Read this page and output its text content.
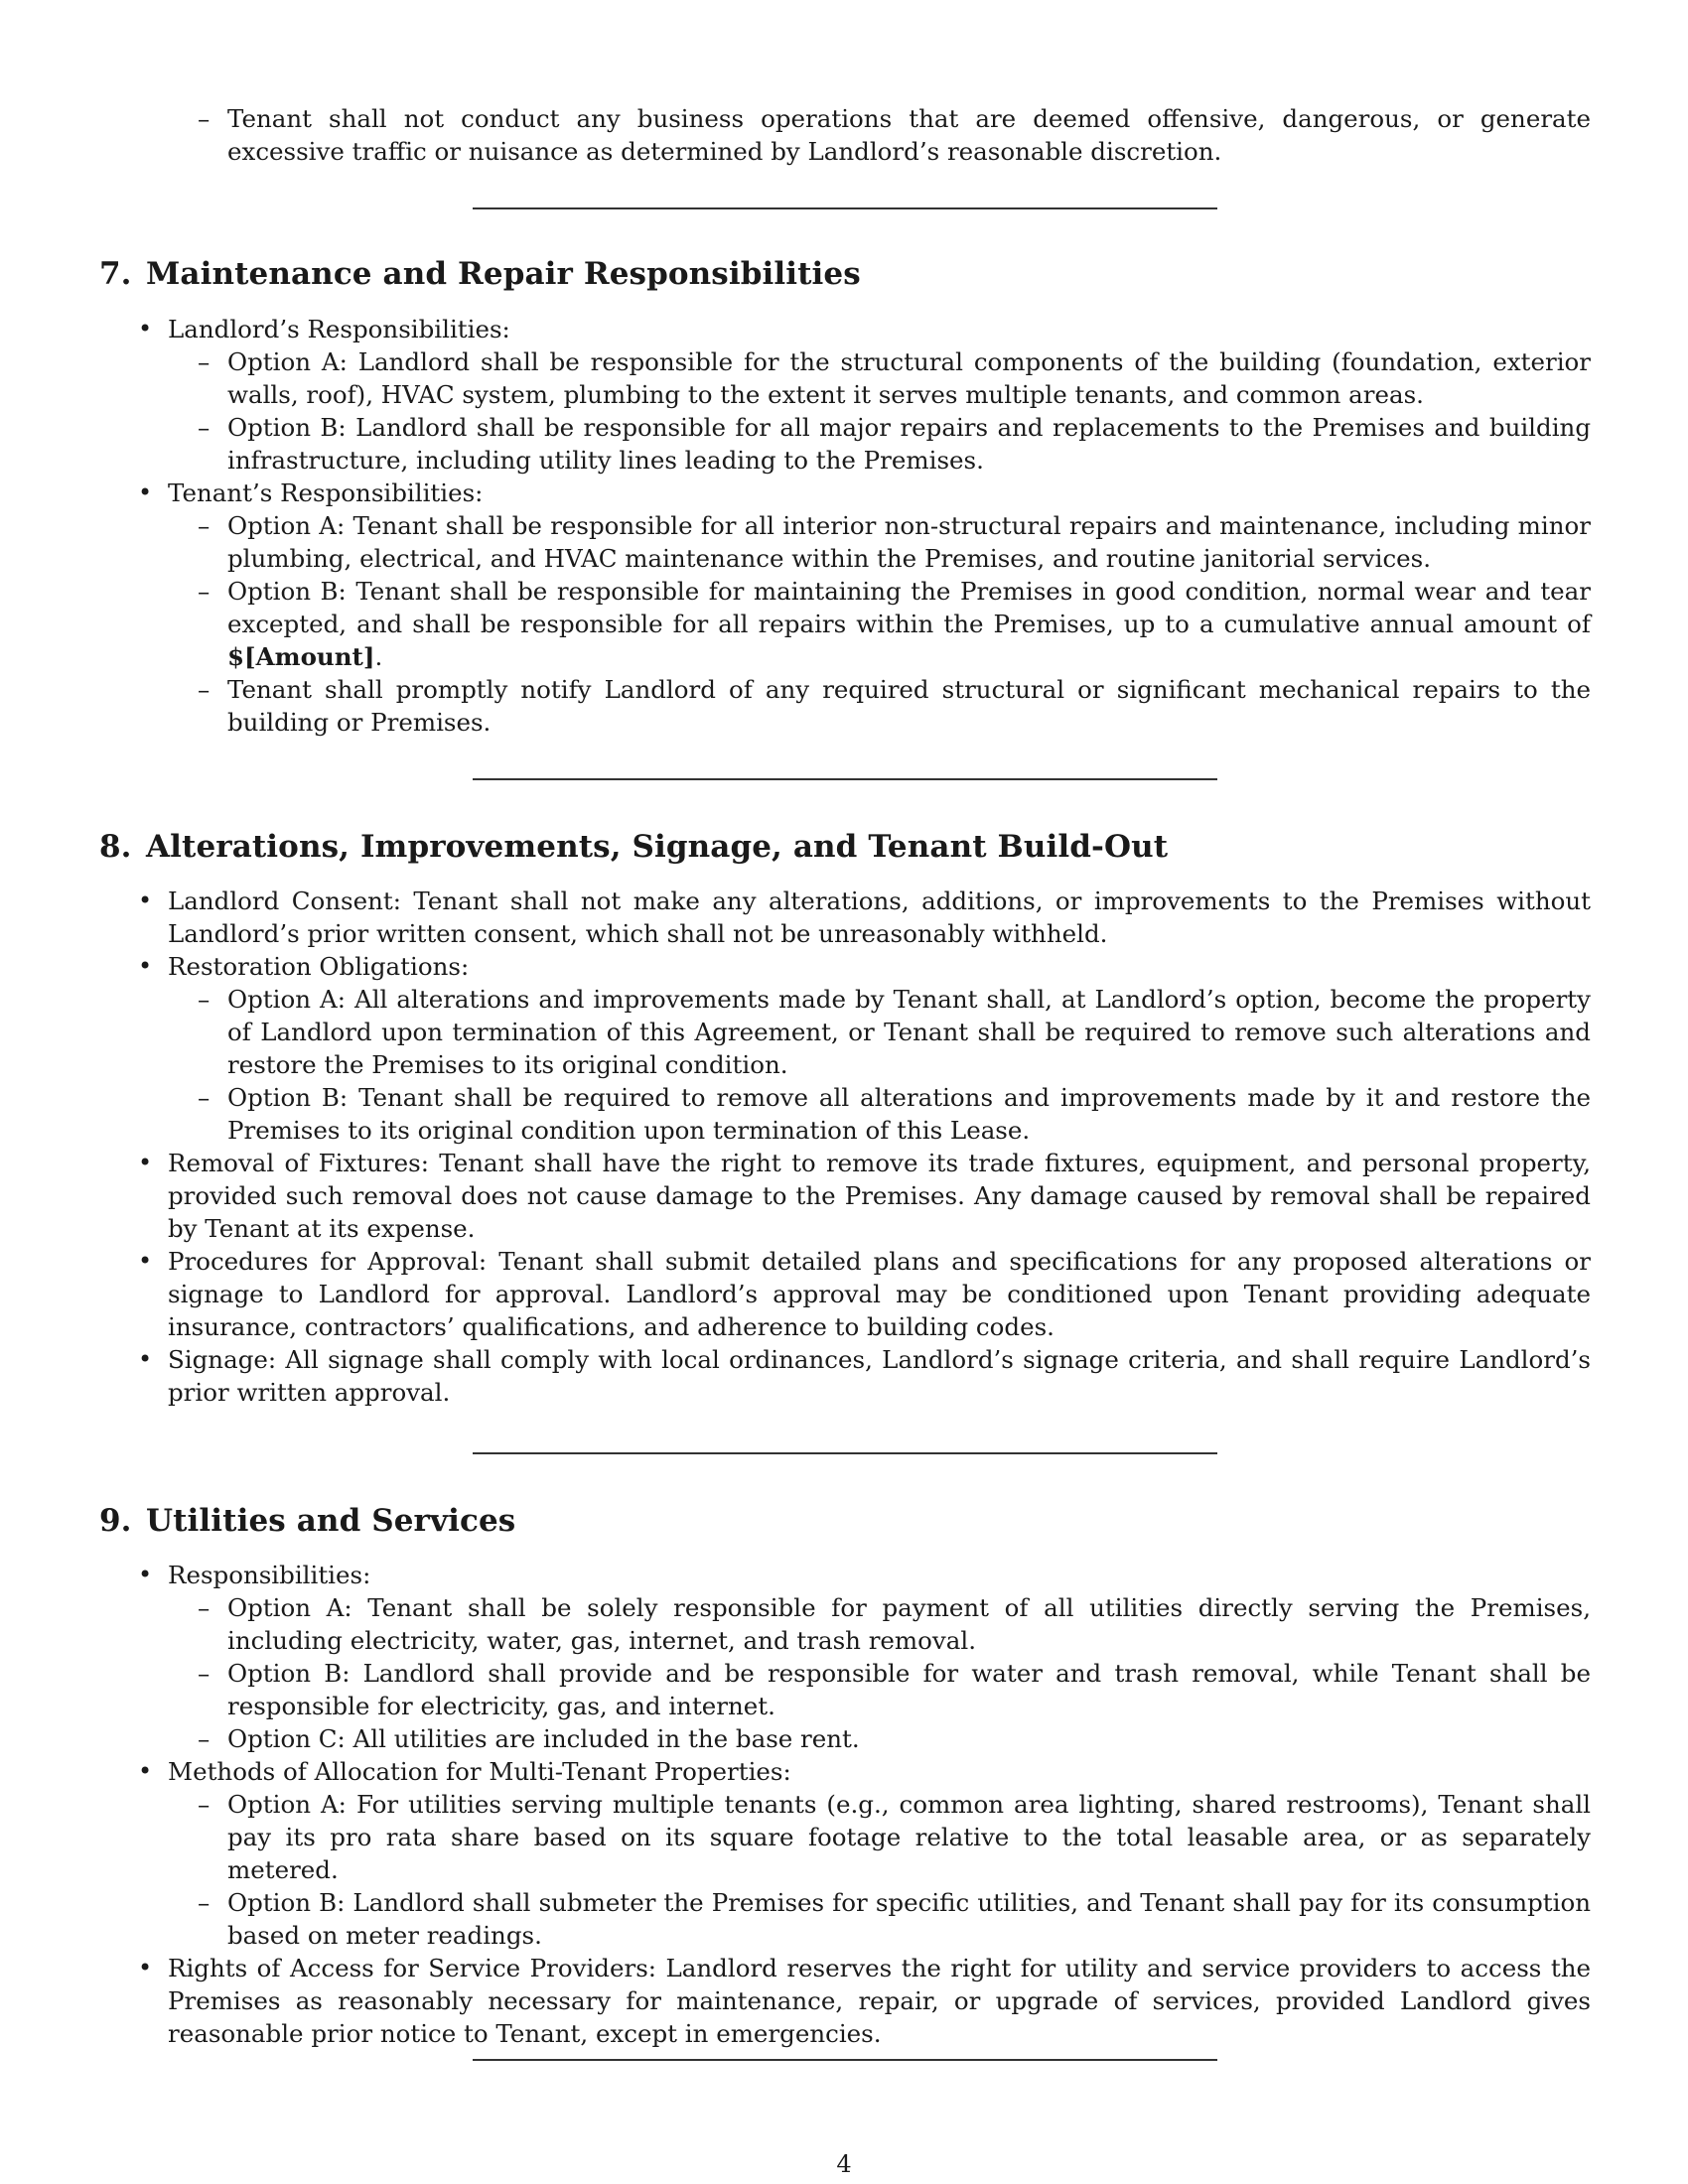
– Tenant shall not conduct any business operations that are deemed offensive, dangerous, or generate excessive traffic or nuisance as determined by Landlord’s reasonable discretion.
7. Maintenance and Repair Responsibilities
• Landlord’s Responsibilities:
– Option A: Landlord shall be responsible for the structural components of the building (foundation, exterior walls, roof), HVAC system, plumbing to the extent it serves multiple tenants, and common areas.
– Option B: Landlord shall be responsible for all major repairs and replacements to the Premises and building infrastructure, including utility lines leading to the Premises.
• Tenant’s Responsibilities:
– Option A: Tenant shall be responsible for all interior non-structural repairs and maintenance, including minor plumbing, electrical, and HVAC maintenance within the Premises, and routine janitorial services.
– Option B: Tenant shall be responsible for maintaining the Premises in good condition, normal wear and tear excepted, and shall be responsible for all repairs within the Premises, up to a cumulative annual amount of $[Amount].
– Tenant shall promptly notify Landlord of any required structural or significant mechanical repairs to the building or Premises.
8. Alterations, Improvements, Signage, and Tenant Build-Out
• Landlord Consent: Tenant shall not make any alterations, additions, or improvements to the Premises without Landlord’s prior written consent, which shall not be unreasonably withheld.
• Restoration Obligations:
– Option A: All alterations and improvements made by Tenant shall, at Landlord’s option, become the property of Landlord upon termination of this Agreement, or Tenant shall be required to remove such alterations and restore the Premises to its original condition.
– Option B: Tenant shall be required to remove all alterations and improvements made by it and restore the Premises to its original condition upon termination of this Lease.
• Removal of Fixtures: Tenant shall have the right to remove its trade fixtures, equipment, and personal property, provided such removal does not cause damage to the Premises. Any damage caused by removal shall be repaired by Tenant at its expense.
• Procedures for Approval: Tenant shall submit detailed plans and specifications for any proposed alterations or signage to Landlord for approval. Landlord’s approval may be conditioned upon Tenant providing adequate insurance, contractors’ qualifications, and adherence to building codes.
• Signage: All signage shall comply with local ordinances, Landlord’s signage criteria, and shall require Landlord’s prior written approval.
9. Utilities and Services
• Responsibilities:
– Option A: Tenant shall be solely responsible for payment of all utilities directly serving the Premises, including electricity, water, gas, internet, and trash removal.
– Option B: Landlord shall provide and be responsible for water and trash removal, while Tenant shall be responsible for electricity, gas, and internet.
– Option C: All utilities are included in the base rent.
• Methods of Allocation for Multi-Tenant Properties:
– Option A: For utilities serving multiple tenants (e.g., common area lighting, shared restrooms), Tenant shall pay its pro rata share based on its square footage relative to the total leasable area, or as separately metered.
– Option B: Landlord shall submeter the Premises for specific utilities, and Tenant shall pay for its consumption based on meter readings.
• Rights of Access for Service Providers: Landlord reserves the right for utility and service providers to access the Premises as reasonably necessary for maintenance, repair, or upgrade of services, provided Landlord gives reasonable prior notice to Tenant, except in emergencies.
4
